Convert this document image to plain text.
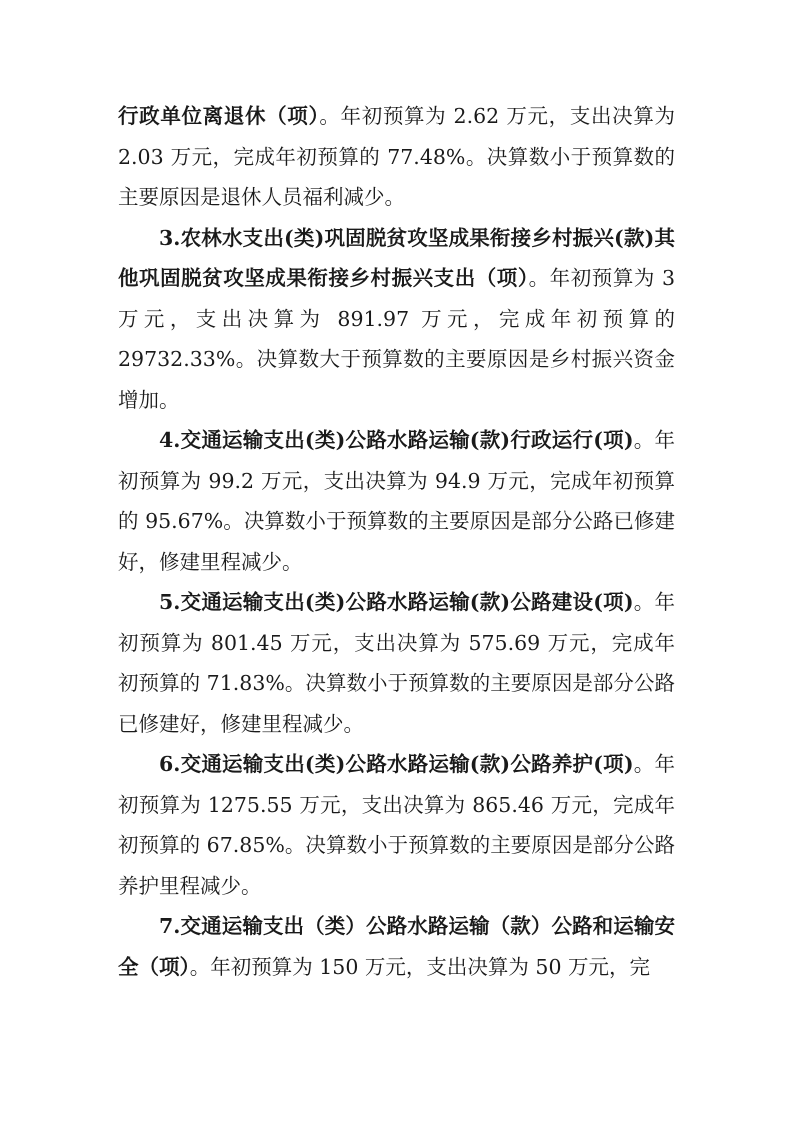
行政单位离退休（项）。年初预算为 2.62 万元，支出决算为 2.03 万元，完成年初预算的 77.48%。决算数小于预算数的主要原因是退休人员福利减少。

3.农林水支出(类)巩固脱贫攻坚成果衔接乡村振兴(款)其他巩固脱贫攻坚成果衔接乡村振兴支出（项）。年初预算为 3 万元，支出决算为 891.97 万元，完成年初预算的 29732.33%。决算数大于预算数的主要原因是乡村振兴资金增加。

4.交通运输支出(类)公路水路运输(款)行政运行(项)。年初预算为 99.2 万元，支出决算为 94.9 万元，完成年初预算的 95.67%。决算数小于预算数的主要原因是部分公路已修建好，修建里程减少。

5.交通运输支出(类)公路水路运输(款)公路建设(项)。年初预算为 801.45 万元，支出决算为 575.69 万元，完成年初预算的 71.83%。决算数小于预算数的主要原因是部分公路已修建好，修建里程减少。

6.交通运输支出(类)公路水路运输(款)公路养护(项)。年初预算为 1275.55 万元，支出决算为 865.46 万元，完成年初预算的 67.85%。决算数小于预算数的主要原因是部分公路养护里程减少。

7.交通运输支出（类）公路水路运输（款）公路和运输安全（项）。年初预算为 150 万元，支出决算为 50 万元，完
